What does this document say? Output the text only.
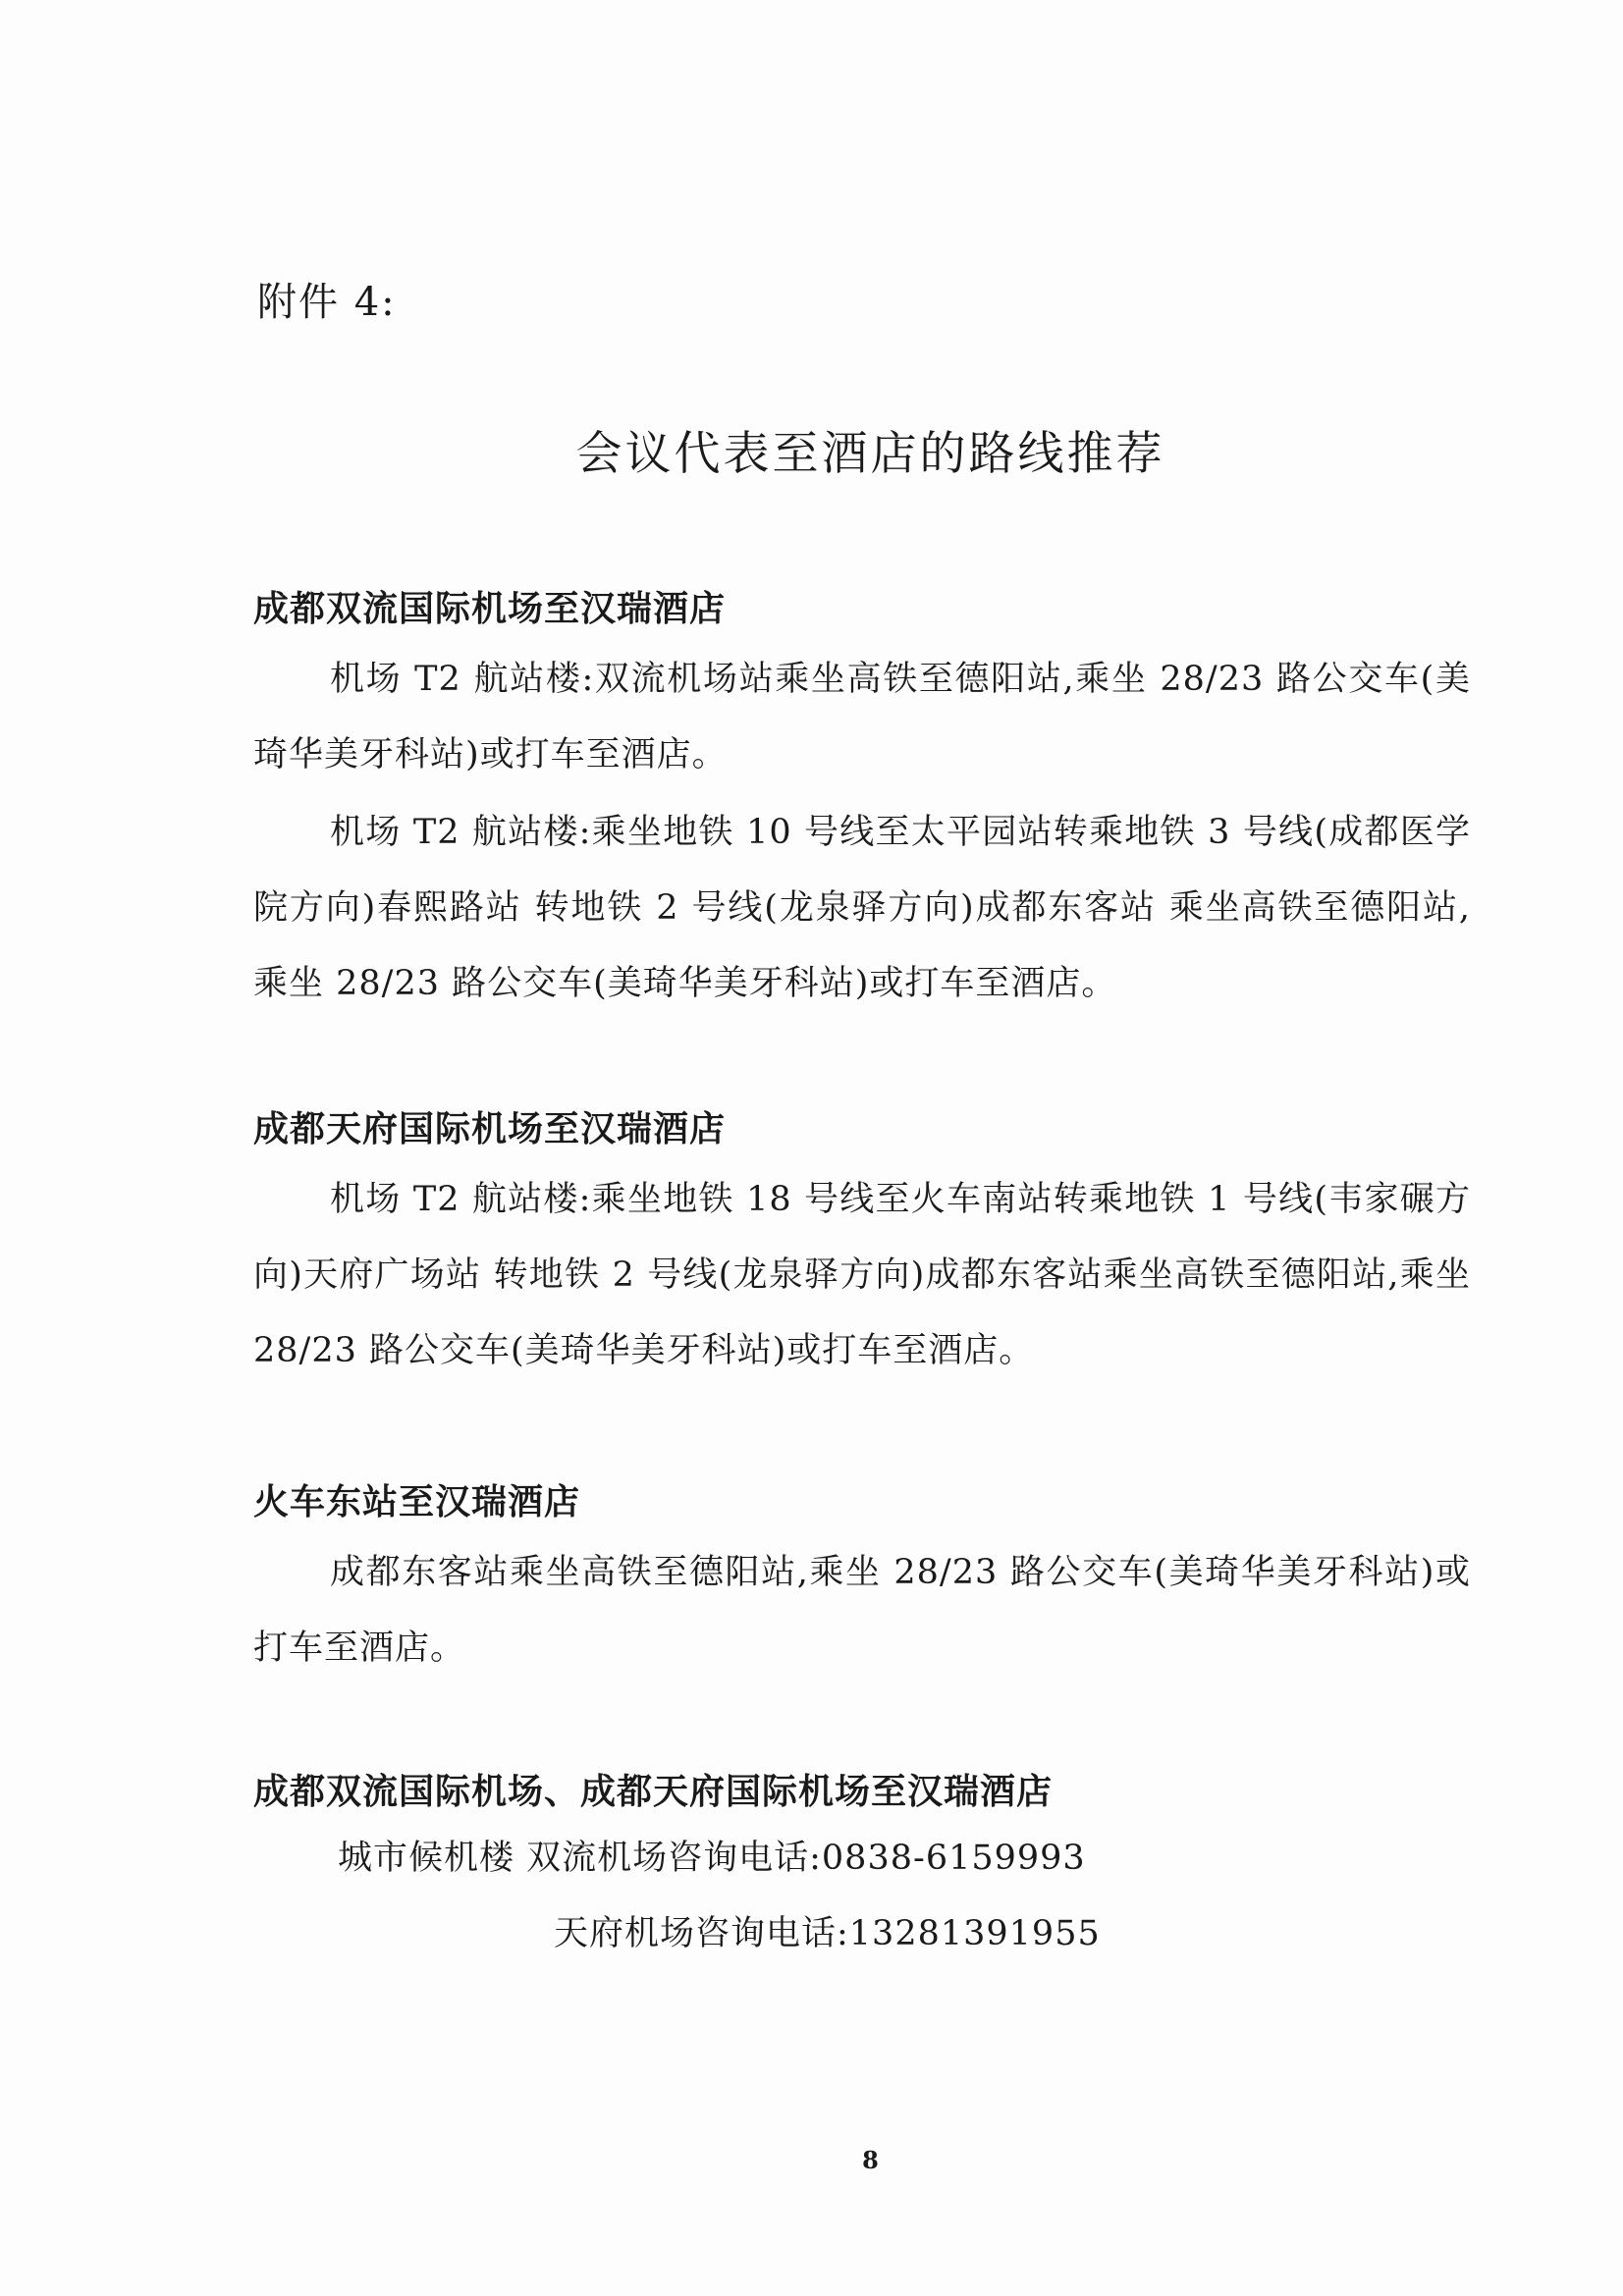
附件 4:
会议代表至酒店的路线推荐

成都双流国际机场至汉瑞酒店

机场 T2 航站楼:双流机场站乘坐高铁至德阳站,乘坐 28/23 路公交车(美琦华美牙科站)或打车至酒店。

机场 T2 航站楼:乘坐地铁 10 号线至太平园站转乘地铁 3 号线(成都医学院方向)春熙路站 转地铁 2 号线(龙泉驿方向)成都东客站 乘坐高铁至德阳站,乘坐 28/23 路公交车(美琦华美牙科站)或打车至酒店。

成都天府国际机场至汉瑞酒店

机场 T2 航站楼:乘坐地铁 18 号线至火车南站转乘地铁 1 号线(韦家碾方向)天府广场站 转地铁 2 号线(龙泉驿方向)成都东客站乘坐高铁至德阳站,乘坐 28/23 路公交车(美琦华美牙科站)或打车至酒店。

火车东站至汉瑞酒店

成都东客站乘坐高铁至德阳站,乘坐 28/23 路公交车(美琦华美牙科站)或打车至酒店。

成都双流国际机场、成都天府国际机场至汉瑞酒店

城市候机楼 双流机场咨询电话:0838-6159993

天府机场咨询电话:13281391955

8
